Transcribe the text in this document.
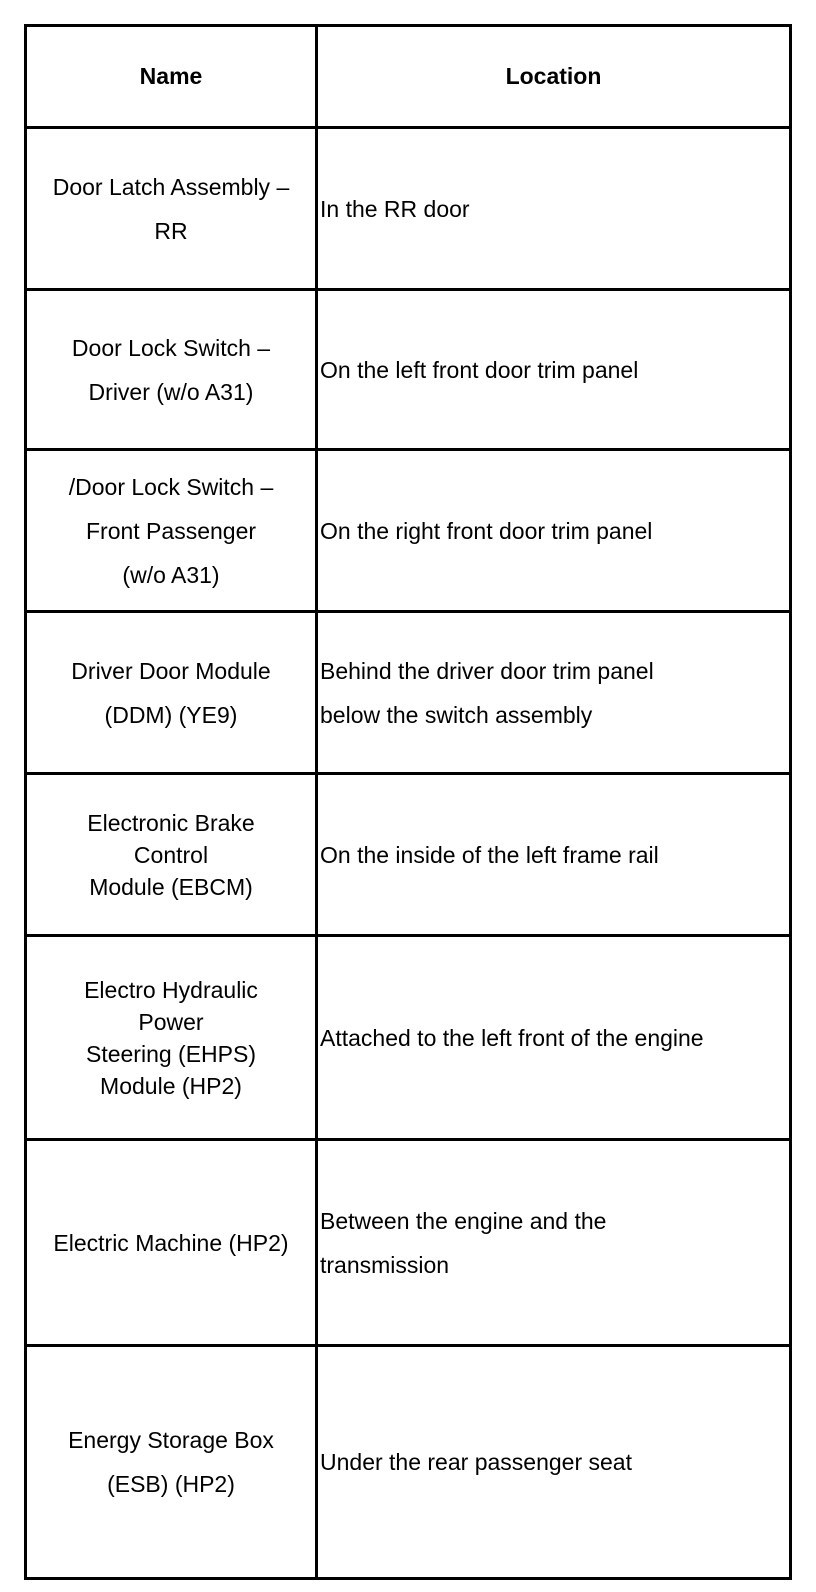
Name	Location
Door Latch Assembly –
RR
In the RR door
Door Lock Switch –
Driver (w/o A31)
On the left front door trim panel
/Door Lock Switch –
Front Passenger
(w/o A31)
On the right front door trim panel
Driver Door Module
(DDM) (YE9)
Behind the driver door trim panel
below the switch assembly
Electronic Brake
Control
Module (EBCM)
On the inside of the left frame rail
Electro Hydraulic
Power
Steering (EHPS)
Module (HP2)
Attached to the left front of the engine
Electric Machine (HP2)
Between the engine and the
transmission
Energy Storage Box
(ESB) (HP2)
Under the rear passenger seat
